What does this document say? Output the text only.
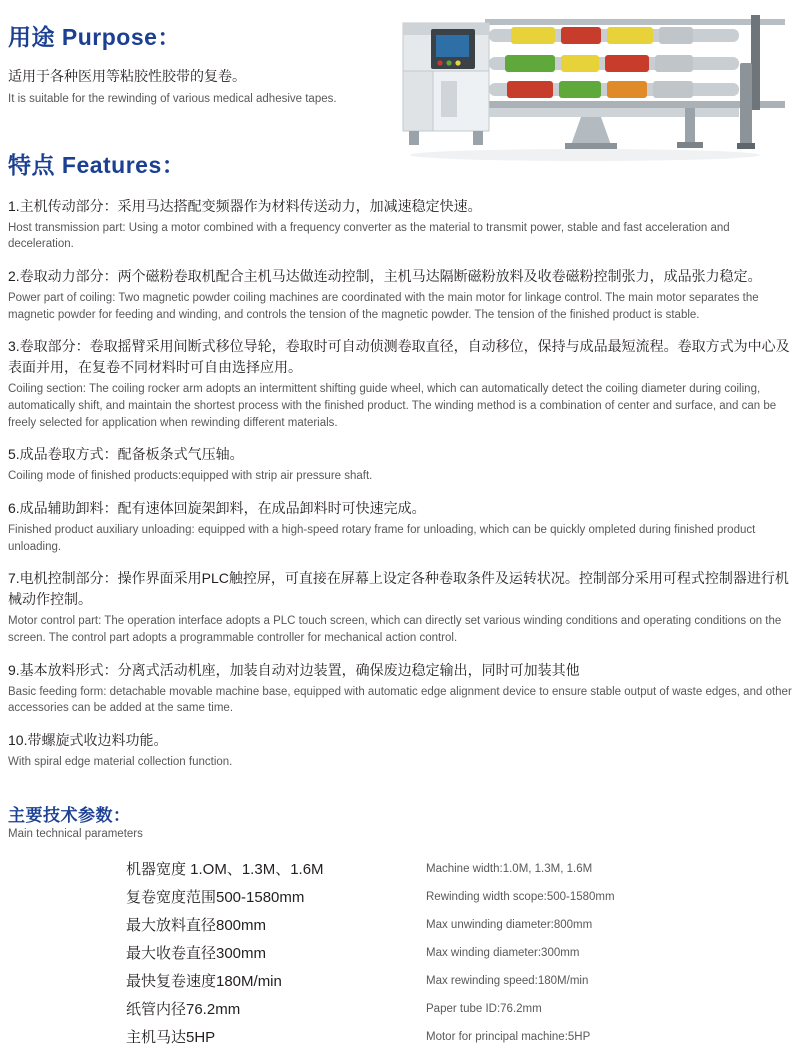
用途 Purpose：

适用于各种医用等粘胶性胶带的复卷。

It is suitable for the rewinding of various medical adhesive tapes.

特点 Features：

1.主机传动部分：采用马达搭配变频器作为材料传送动力，加减速稳定快速。

Host transmission part: Using a motor combined with a frequency converter as the material to transmit power, stable and fast acceleration and deceleration.

2.卷取动力部分：两个磁粉卷取机配合主机马达做连动控制，主机马达隔断磁粉放料及收卷磁粉控制张力，成品张力稳定。

Power part of coiling: Two magnetic powder coiling machines are coordinated with the main motor for linkage control. The main motor separates the magnetic powder for feeding and winding, and controls the tension of the magnetic powder. The tension of the finished product is stable.

3.卷取部分：卷取摇臂采用间断式移位导轮，卷取时可自动侦测卷取直径，自动移位，保持与成品最短流程。卷取方式为中心及表面并用，在复卷不同材料时可自由选择应用。

Coiling section: The coiling rocker arm adopts an intermittent shifting guide wheel, which can automatically detect the coiling diameter during coiling, automatically shift, and maintain the shortest process with the finished product. The winding method is a combination of center and surface, and can be freely selected for application when rewinding different materials.

5.成品卷取方式：配备板条式气压轴。

Coiling mode of finished products:equipped with strip air pressure shaft.

6.成品辅助卸料：配有速体回旋架卸料，在成品卸料时可快速完成。

Finished product auxiliary unloading: equipped with a high-speed rotary frame for unloading, which can be quickly ompleted during finished product unloading.

7.电机控制部分：操作界面采用PLC触控屏，可直接在屏幕上设定各种卷取条件及运转状况。控制部分采用可程式控制器进行机械动作控制。

Motor control part: The operation interface adopts a PLC touch screen, which can directly set various winding conditions and operating conditions on the screen. The control part adopts a programmable controller for mechanical action control.

9.基本放料形式：分离式活动机座，加装自动对边装置，确保废边稳定输出，同时可加装其他

Basic feeding form: detachable movable machine base, equipped with automatic edge alignment device to ensure stable output of waste edges, and other accessories can be added at the same time.

10.带螺旋式收边料功能。

With spiral edge material collection function.

主要技术参数：
Main technical parameters
机器宽度 1.OM、1.3M、1.6M	Machine width:1.0M, 1.3M, 1.6M
复卷宽度范围500-1580mm	Rewinding width scope:500-1580mm
最大放料直径800mm	Max unwinding diameter:800mm
最大收卷直径300mm	Max winding diameter:300mm
最快复卷速度180M/min	Max rewinding speed:180M/min
纸管内径76.2mm	Paper tube ID:76.2mm
主机马达5HP	Motor for principal machine:5HP
